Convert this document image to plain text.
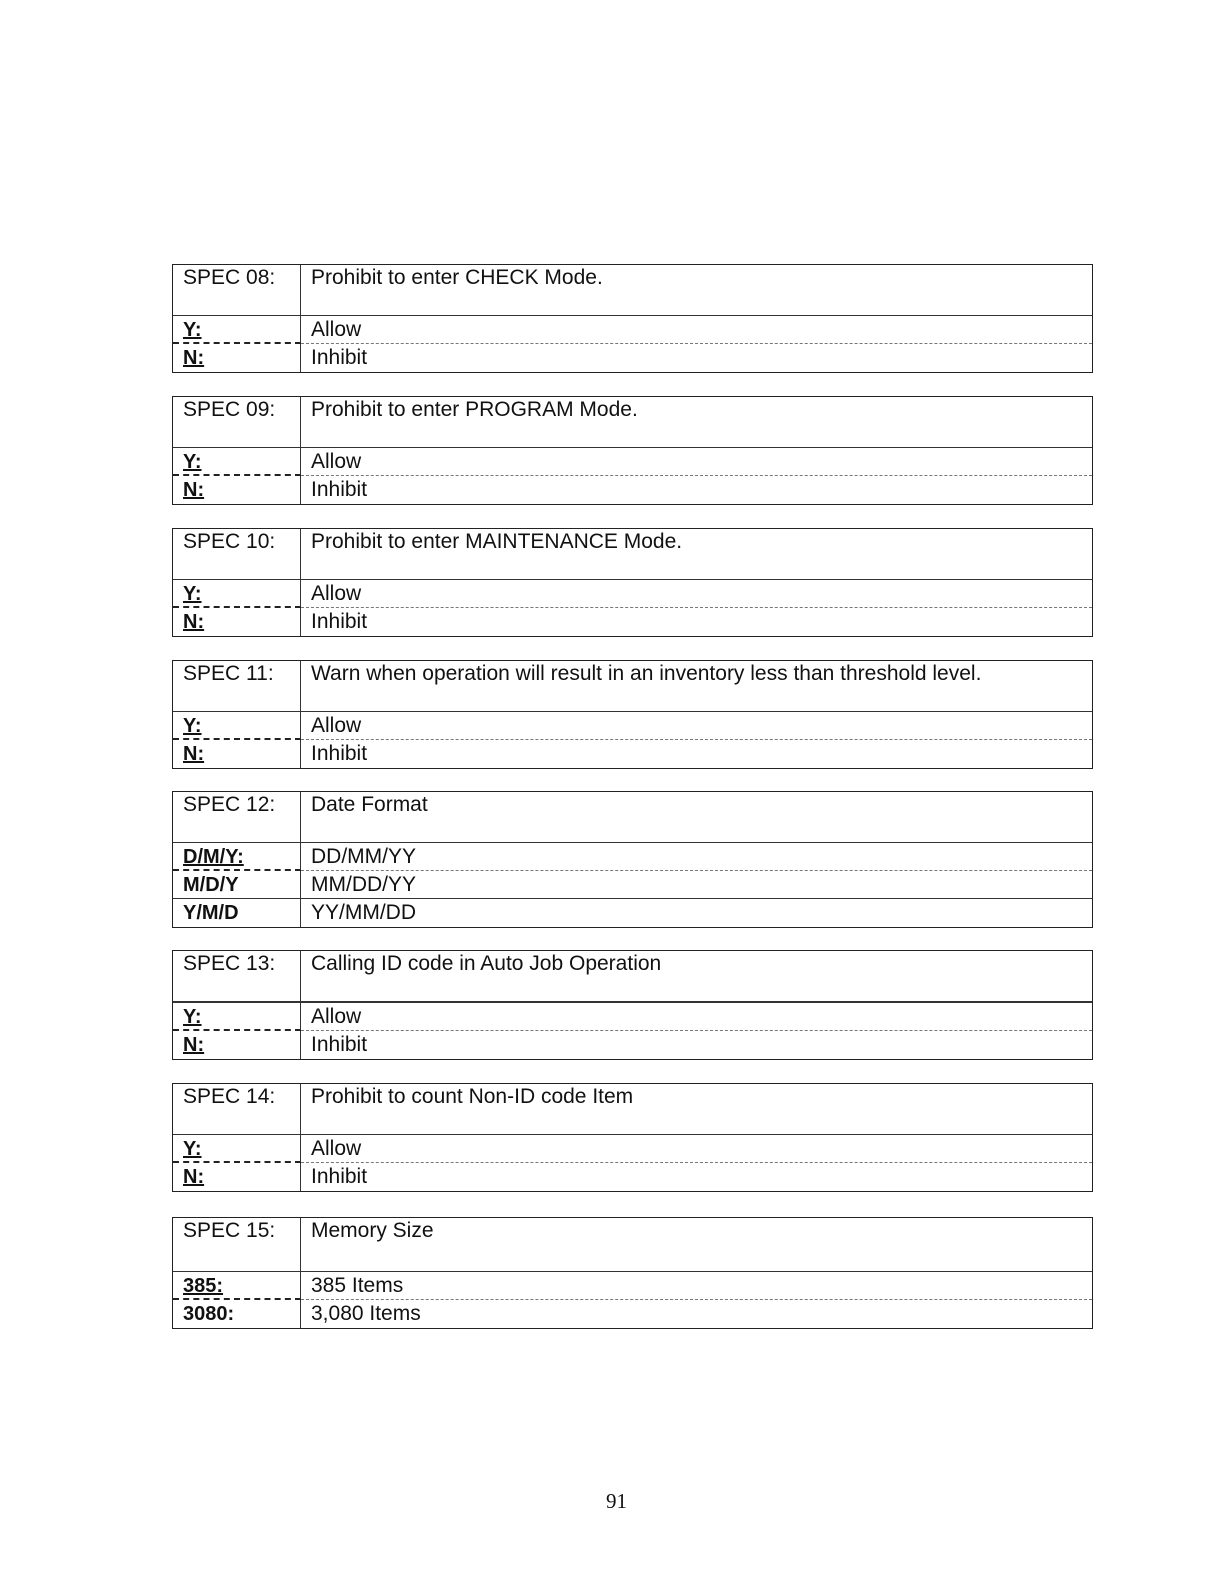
SPEC 08:	Prohibit to enter CHECK Mode.
Y:	Allow
N:	Inhibit
SPEC 09:	Prohibit to enter PROGRAM Mode.
Y:	Allow
N:	Inhibit
SPEC 10:	Prohibit to enter MAINTENANCE Mode.
Y:	Allow
N:	Inhibit
SPEC 11:	Warn when operation will result in an inventory less than threshold level.
Y:	Allow
N:	Inhibit
SPEC 12:	Date Format
D/M/Y:	DD/MM/YY
M/D/Y	MM/DD/YY
Y/M/D	YY/MM/DD
SPEC 13:	Calling ID code in Auto Job Operation
Y:	Allow
N:	Inhibit
SPEC 14:	Prohibit to count Non-ID code Item
Y:	Allow
N:	Inhibit
SPEC 15:	Memory Size
385:	385 Items
3080:	3,080 Items
91
